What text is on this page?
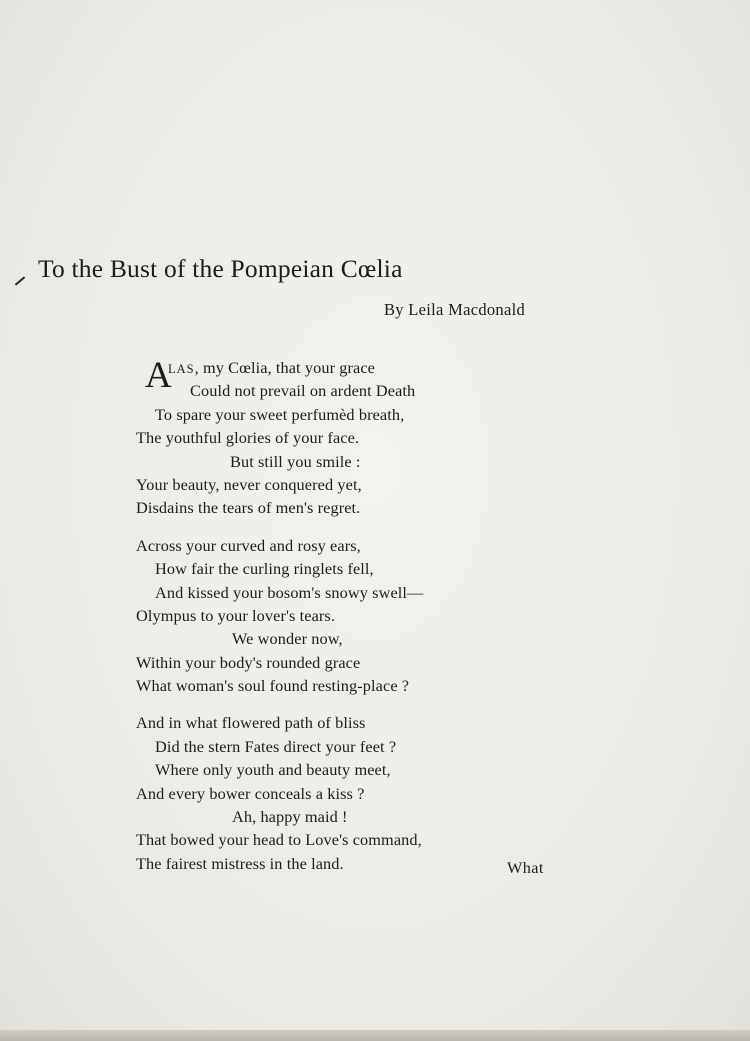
To the Bust of the Pompeian Cœlia
By Leila Macdonald
A
LAS, my Cœlia, that your grace
Could not prevail on ardent Death
To spare your sweet perfumèd breath,
The youthful glories of your face.
But still you smile :
Your beauty, never conquered yet,
Disdains the tears of men's regret.
Across your curved and rosy ears,
How fair the curling ringlets fell,
And kissed your bosom's snowy swell—
Olympus to your lover's tears.
We wonder now,
Within your body's rounded grace
What woman's soul found resting-place ?
And in what flowered path of bliss
Did the stern Fates direct your feet ?
Where only youth and beauty meet,
And every bower conceals a kiss ?
Ah, happy maid !
That bowed your head to Love's command,
The fairest mistress in the land.	What
